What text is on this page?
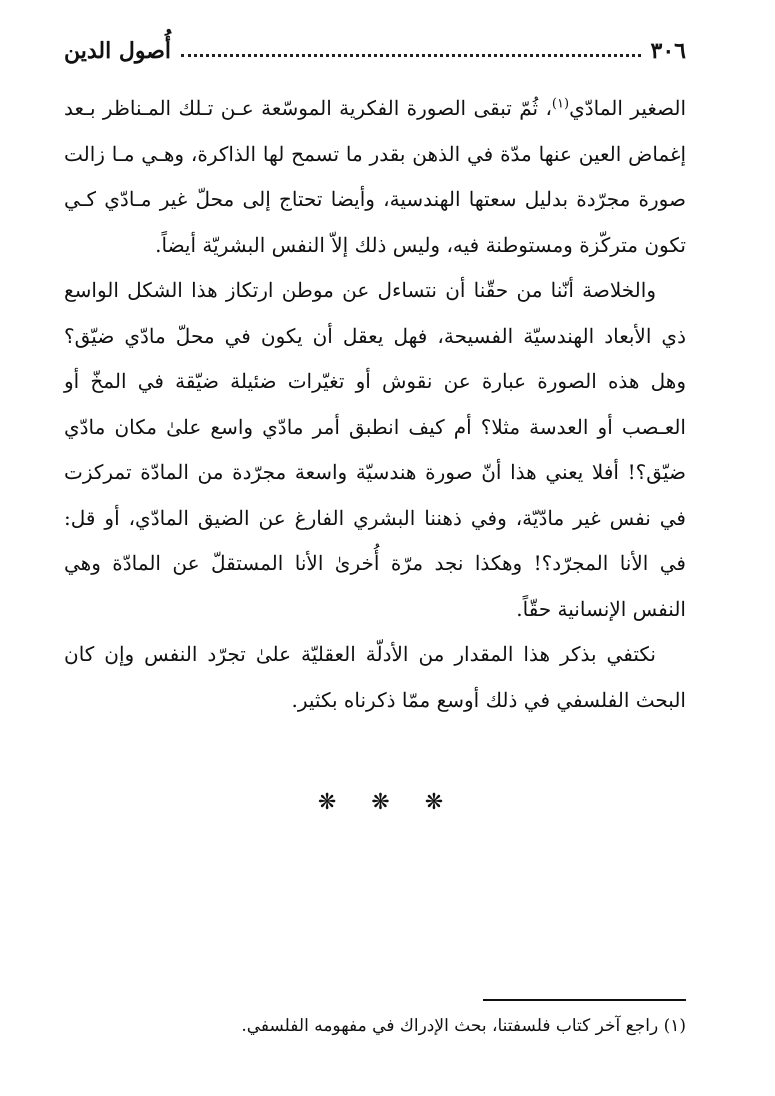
٣٠٦
أُصول الدين

الصغير المادّي$^{(١)}$، ثُمّ تبقى الصورة الفكرية الموسّعة عـن تـلك المـناظر بـعد إغماض العين عنها مدّة في الذهن بقدر ما تسمح لها الذاكرة، وهـي مـا زالت صورة مجرّدة بدليل سعتها الهندسية، وأيضا تحتاج إلى محلّ غير مـادّي كـي تكون متركّزة ومستوطنة فيه، وليس ذلك إلاّ النفس البشريّة أيضاً.

والخلاصة أنّنا من حقّنا أن نتساءل عن موطن ارتكاز هذا الشكل الواسع ذي الأبعاد الهندسيّة الفسيحة، فهل يعقل أن يكون في محلّ مادّي ضيّق؟ وهل هذه الصورة عبارة عن نقوش أو تغيّرات ضئيلة ضيّقة في المخّ أو العـصب أو العدسة مثلا؟ أم كيف انطبق أمر مادّي واسع علىٰ مكان مادّي ضيّق؟! أفلا يعني هذا أنّ صورة هندسيّة واسعة مجرّدة من المادّة تمركزت في نفس غير مادّيّة، وفي ذهننا البشري الفارغ عن الضيق المادّي، أو قل: في الأنا المجرّد؟! وهكذا نجد مرّة أُخرىٰ الأنا المستقلّ عن المادّة وهي النفس الإنسانية حقّاً.

نكتفي بذكر هذا المقدار من الأدلّة العقليّة علىٰ تجرّد النفس وإن كان البحث الفلسفي في ذلك أوسع ممّا ذكرناه بكثير.

❋ ❋ ❋
(١) راجع آخر كتاب فلسفتنا، بحث الإدراك في مفهومه الفلسفي.
